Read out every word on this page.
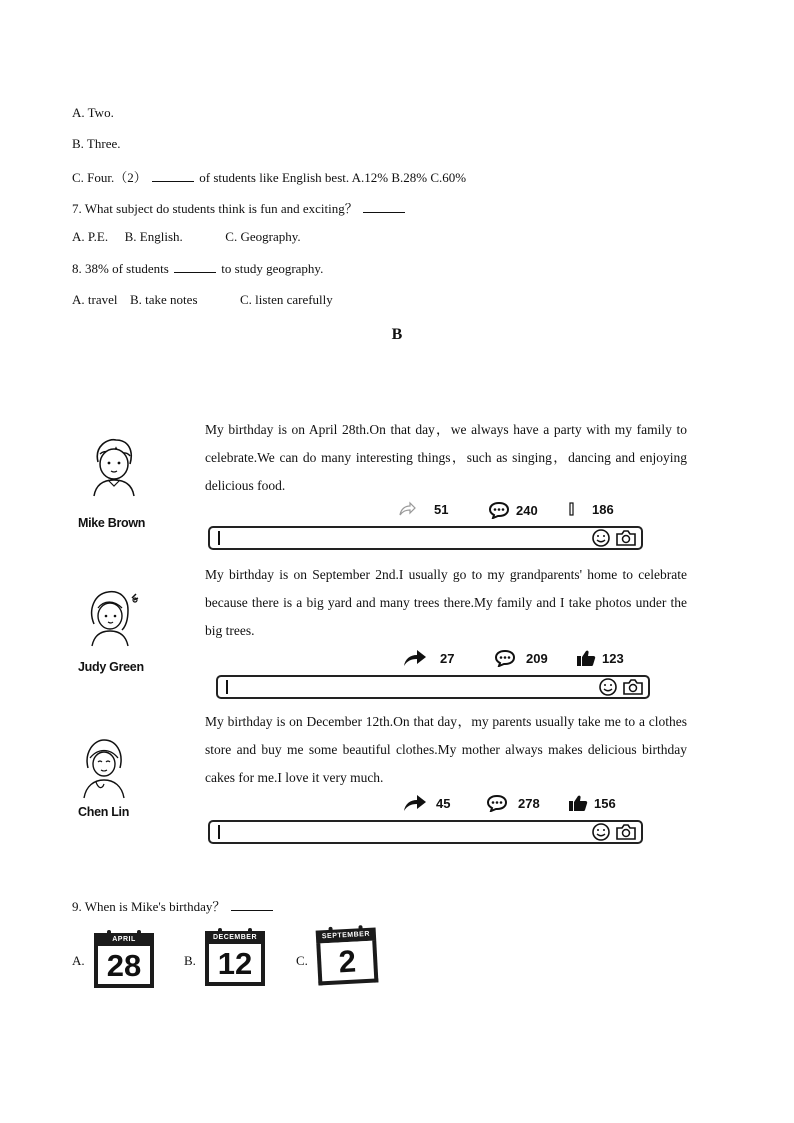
A. Two.
B. Three.
C. Four.（2）	of students like English best. A.12% B.28% C.60%
7. What subject do students think is fun and exciting？
A. P.E. B. English.	C. Geography.
8. 38% of students	to study geography.
A. travel B. take notes	C. listen carefully
B
Mike Brown
My birthday is on April 28th.On that day，we always have a party with my family to celebrate.We can do many interesting things，such as singing，dancing and enjoying delicious food.
51	240	186
Judy Green
My birthday is on September 2nd.I usually go to my grandparents' home to celebrate because there is a big yard and many trees there.My family and I take photos under the big trees.
27	209	123
Chen Lin
My birthday is on December 12th.On that day，my parents usually take me to a clothes store and buy me some beautiful clothes.My mother always makes delicious birthday cakes for me.I love it very much.
45	278	156
9. When is Mike's birthday？
A.
APRIL
28	B.
DECEMBER
12	C.
SEPTEMBER
2
